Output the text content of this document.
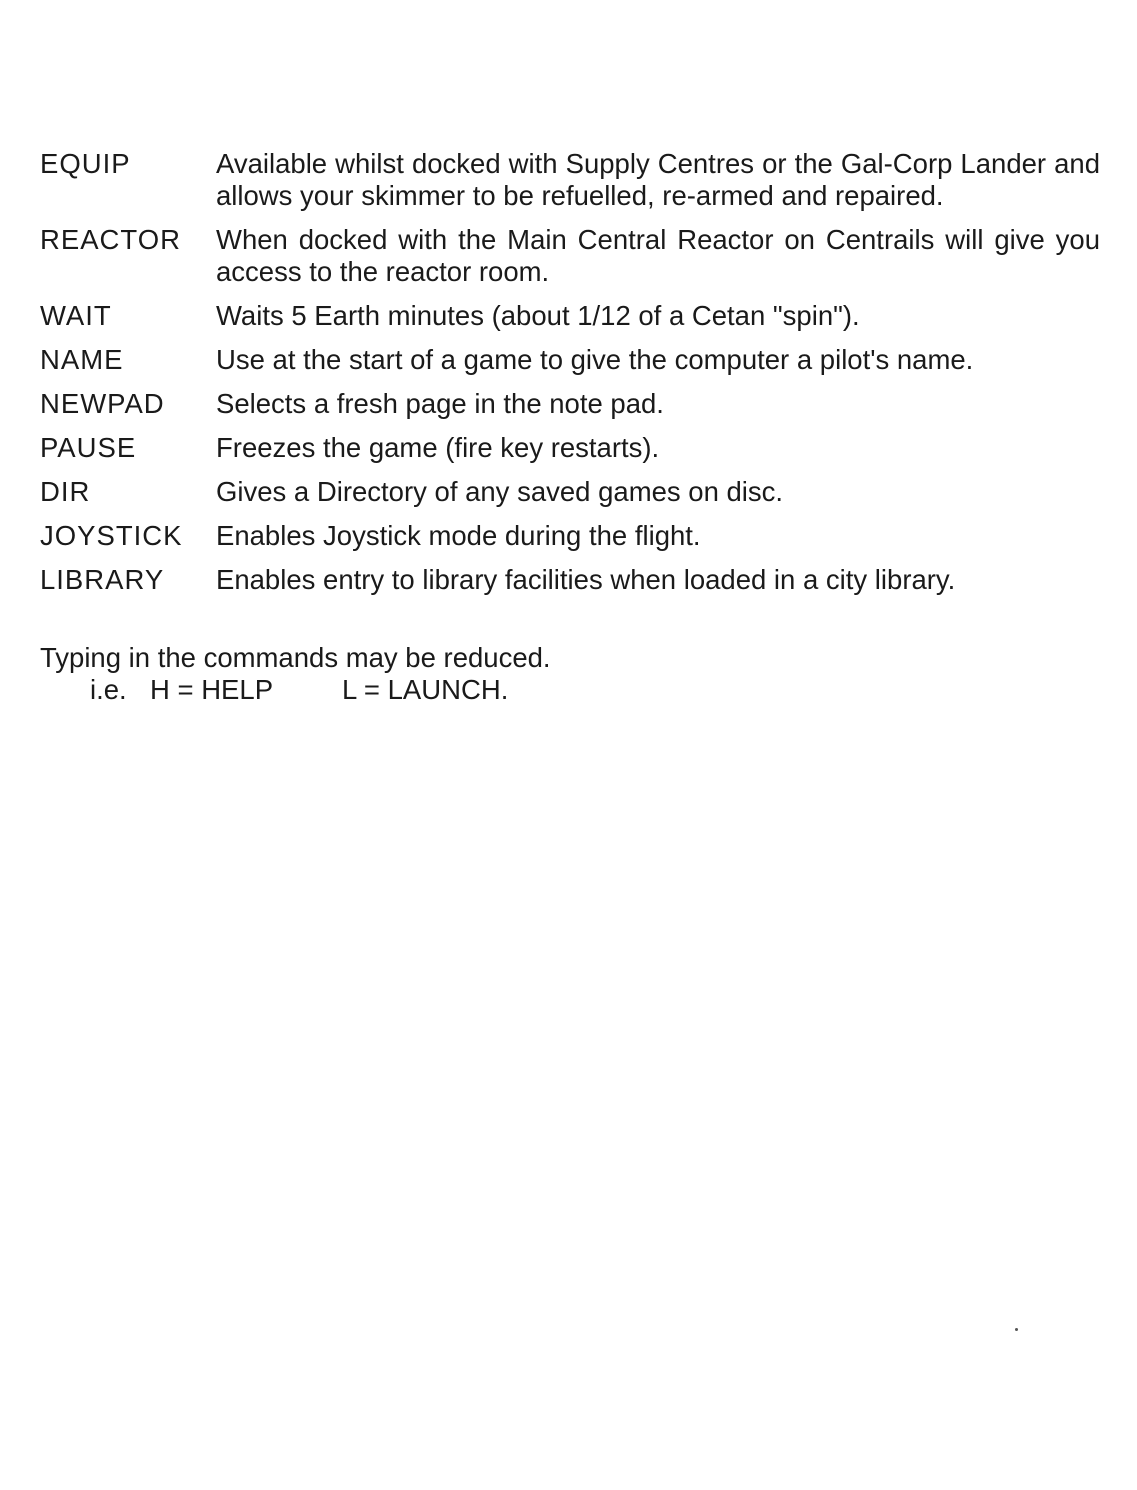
EQUIP	Available whilst docked with Supply Centres or the Gal-Corp Lander and allows your skimmer to be refuelled, re-armed and repaired.
REACTOR	When docked with the Main Central Reactor on Centrails will give you access to the reactor room.
WAIT	Waits 5 Earth minutes (about 1/12 of a Cetan "spin").
NAME	Use at the start of a game to give the computer a pilot's name.
NEWPAD	Selects a fresh page in the note pad.
PAUSE	Freezes the game (fire key restarts).
DIR	Gives a Directory of any saved games on disc.
JOYSTICK	Enables Joystick mode during the flight.
LIBRARY	Enables entry to library facilities when loaded in a city library.
Typing in the commands may be reduced.
i.e. H = HELP	L = LAUNCH.
